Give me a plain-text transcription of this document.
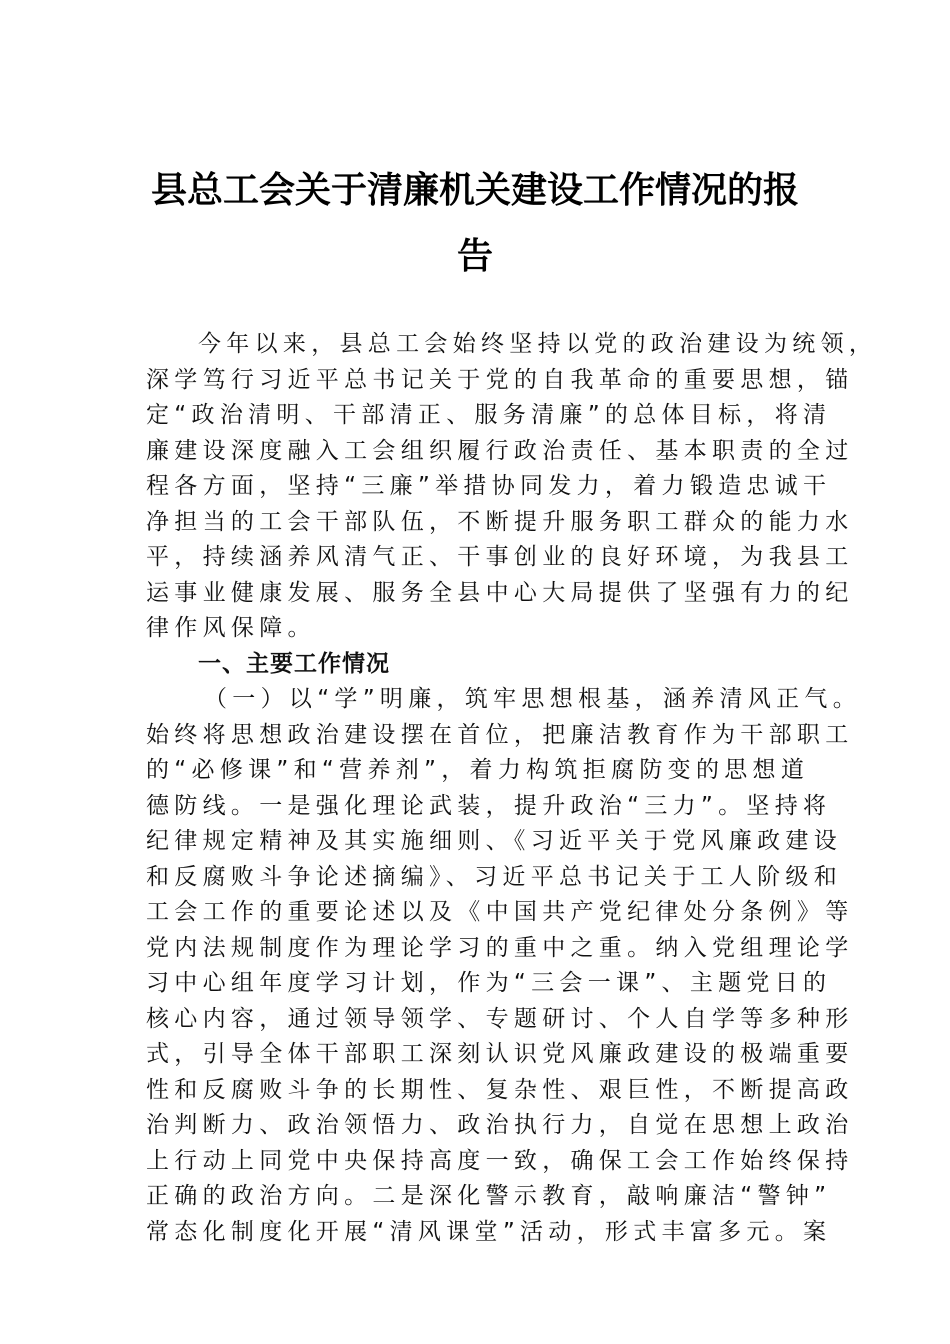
县总工会关于清廉机关建设工作情况的报
告
今年以来，县总工会始终坚持以党的政治建设为统领，
深学笃行习近平总书记关于党的自我革命的重要思想，锚
定“政治清明、干部清正、服务清廉”的总体目标，将清
廉建设深度融入工会组织履行政治责任、基本职责的全过
程各方面，坚持“三廉”举措协同发力，着力锻造忠诚干
净担当的工会干部队伍，不断提升服务职工群众的能力水
平，持续涵养风清气正、干事创业的良好环境，为我县工
运事业健康发展、服务全县中心大局提供了坚强有力的纪
律作风保障。
一、主要工作情况
（一）以“学”明廉，筑牢思想根基，涵养清风正气。
始终将思想政治建设摆在首位，把廉洁教育作为干部职工
的“必修课”和“营养剂”，着力构筑拒腐防变的思想道
德防线。一是强化理论武装，提升政治“三力”。坚持将
纪律规定精神及其实施细则、《习近平关于党风廉政建设
和反腐败斗争论述摘编》、习近平总书记关于工人阶级和
工会工作的重要论述以及《中国共产党纪律处分条例》等
党内法规制度作为理论学习的重中之重。纳入党组理论学
习中心组年度学习计划，作为“三会一课”、主题党日的
核心内容，通过领导领学、专题研讨、个人自学等多种形
式，引导全体干部职工深刻认识党风廉政建设的极端重要
性和反腐败斗争的长期性、复杂性、艰巨性，不断提高政
治判断力、政治领悟力、政治执行力，自觉在思想上政治
上行动上同党中央保持高度一致，确保工会工作始终保持
正确的政治方向。二是深化警示教育，敲响廉洁“警钟”
常态化制度化开展“清风课堂”活动，形式丰富多元。案
